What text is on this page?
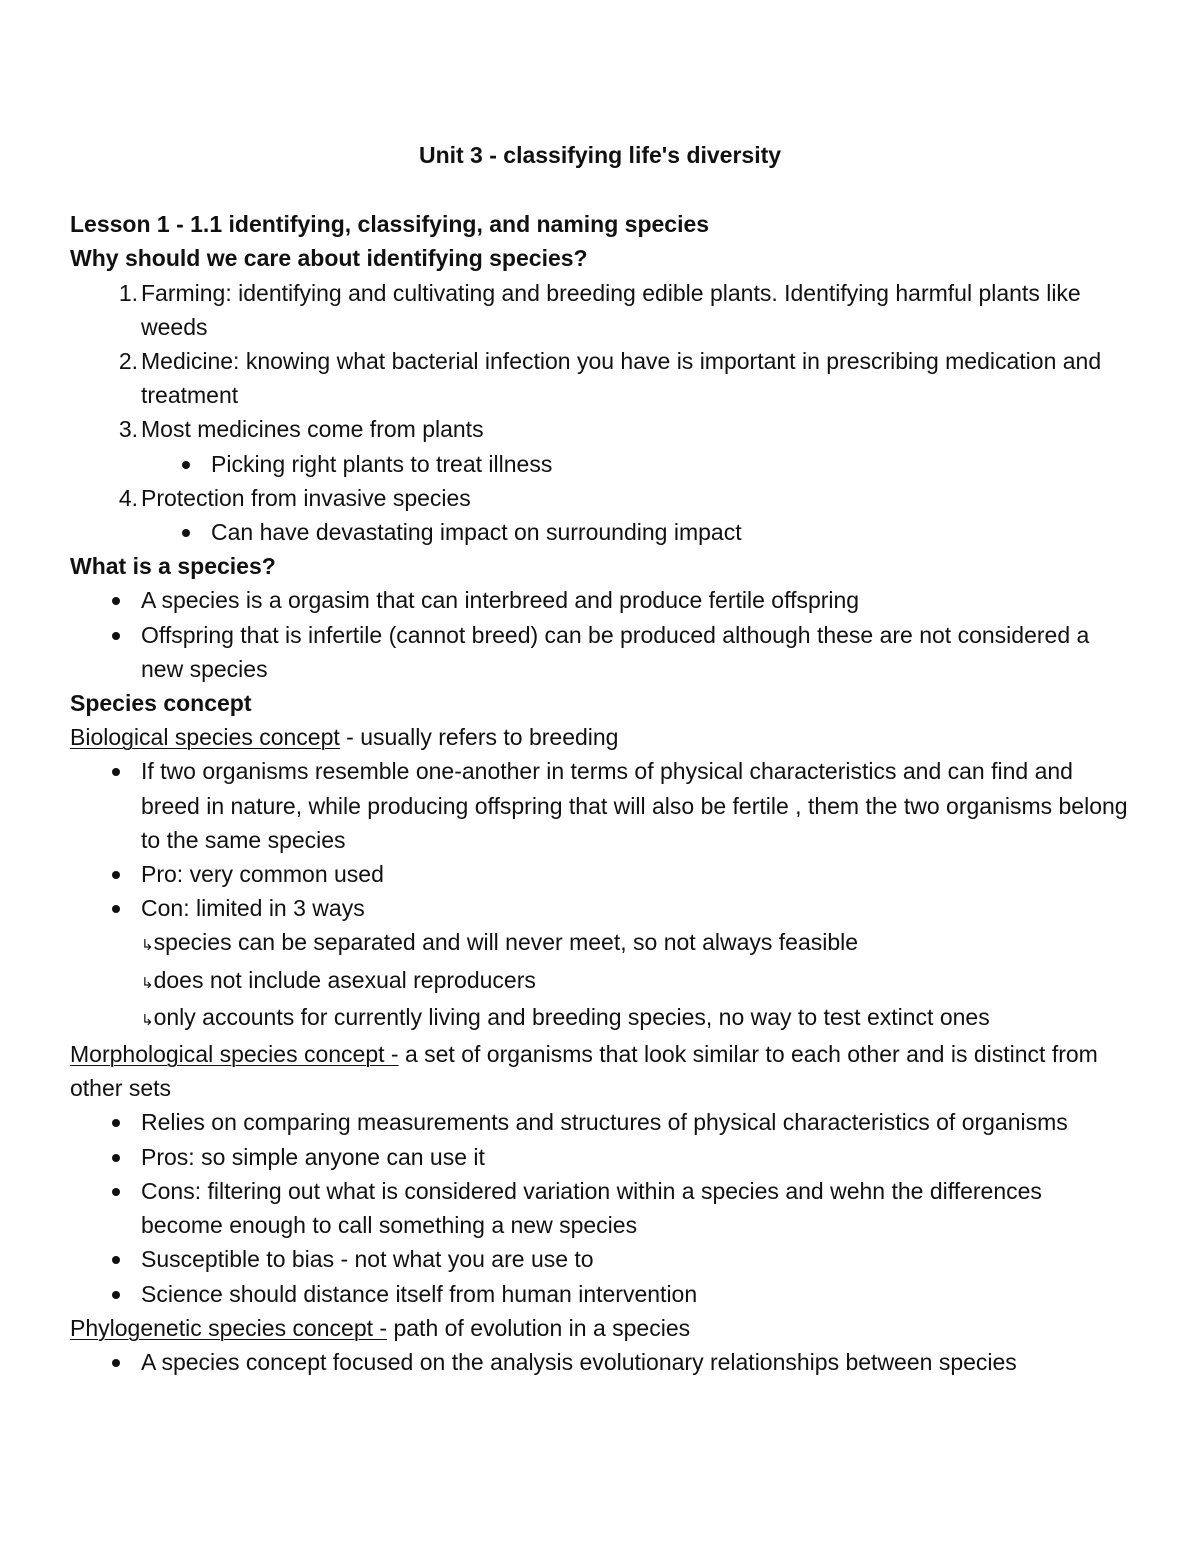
Unit 3 - classifying life's diversity
Lesson 1 - 1.1 identifying, classifying, and naming species
Why should we care about identifying species?
1. Farming: identifying and cultivating and breeding edible plants. Identifying harmful plants like weeds
2. Medicine: knowing what bacterial infection you have is important in prescribing medication and treatment
3. Most medicines come from plants
Picking right plants to treat illness
4. Protection from invasive species
Can have devastating impact on surrounding impact
What is a species?
A species is a orgasim that can interbreed and produce fertile offspring
Offspring that is infertile (cannot breed) can be produced although these are not considered a new species
Species concept
Biological species concept - usually refers to breeding
If two organisms resemble one-another in terms of physical characteristics and can find and breed in nature, while producing offspring that will also be fertile , them the two organisms belong to the same species
Pro: very common used
Con: limited in 3 ways
↳species can be separated and will never meet, so not always feasible
↳does not include asexual reproducers
↳only accounts for currently living and breeding species, no way to test extinct ones
Morphological species concept - a set of organisms that look similar to each other and is distinct from other sets
Relies on comparing measurements and structures of physical characteristics of organisms
Pros: so simple anyone can use it
Cons: filtering out what is considered variation within a species and wehn the differences become enough to call something a new species
Susceptible to bias - not what you are use to
Science should distance itself from human intervention
Phylogenetic species concept - path of evolution in a species
A species concept focused on the analysis evolutionary relationships between species
